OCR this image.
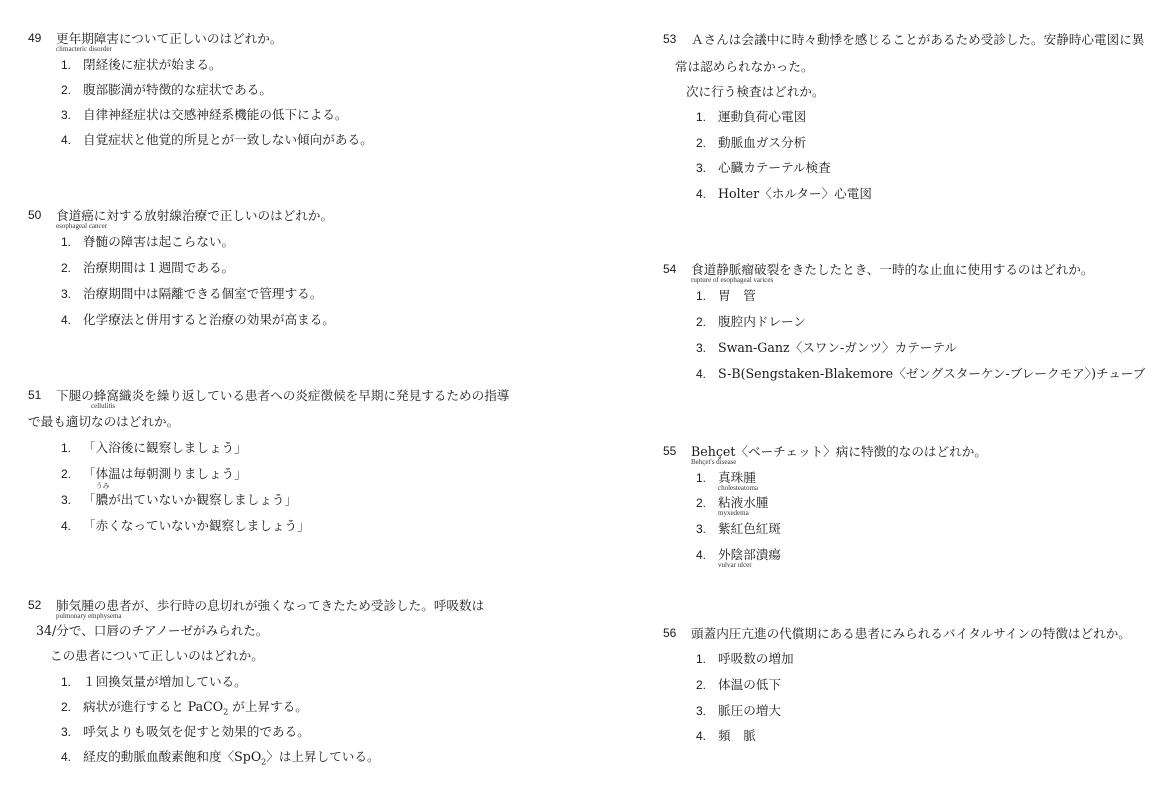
49 更年期障害について正しいのはどれか。
climacteric disorder
1. 閉経後に症状が始まる。
2. 腹部膨満が特徴的な症状である。
3. 自律神経症状は交感神経系機能の低下による。
4. 自覚症状と他覚的所見とが一致しない傾向がある。
50 食道癌に対する放射線治療で正しいのはどれか。
esophageal cancer
1. 脊髄の障害は起こらない。
2. 治療期間は１週間である。
3. 治療期間中は隔離できる個室で管理する。
4. 化学療法と併用すると治療の効果が高まる。
51 下腿の蜂窩織炎を繰り返している患者への炎症徴候を早期に発見するための指導
cellulitis
で最も適切なのはどれか。
1. 「入浴後に観察しましょう」
2. 「体温は毎朝測りましょう」
3. 「膿
うみ
が出ていないか観察しましょう」
4. 「赤くなっていないか観察しましょう」
52 肺気腫の患者が、歩行時の息切れが強くなってきたため受診した。呼吸数は
pulmonary emphysema
34/分で、口唇のチアノーゼがみられた。
この患者について正しいのはどれか。
1. １回換気量が増加している。
2. 病状が進行すると PaCO$_2$ が上昇する。
3. 呼気よりも吸気を促すと効果的である。
4. 経皮的動脈血酸素飽和度〈SpO$_2$〉は上昇している。
53 Ａさんは会議中に時々動悸を感じることがあるため受診した。安静時心電図に異
常は認められなかった。
次に行う検査はどれか。
1. 運動負荷心電図
2. 動脈血ガス分析
3. 心臓カテーテル検査
4. Holter〈ホルター〉心電図
54 食道静脈瘤破裂をきたしたとき、一時的な止血に使用するのはどれか。
rupture of esophageal varices
1. 胃　管
2. 腹腔内ドレーン
3. Swan-Ganz〈スワン-ガンツ〉カテーテル
4. S-B(Sengstaken-Blakemore〈ゼングスターケン-ブレークモア〉)チューブ
55 Behçet〈ベーチェット〉病に特徴的なのはどれか。
Behçet's disease
1. 真珠腫
cholesteatoma
2. 粘液水腫
myxedema
3. 紫紅色紅斑
4. 外陰部潰瘍
vulvar ulcer
56 頭蓋内圧亢進の代償期にある患者にみられるバイタルサインの特徴はどれか。
1. 呼吸数の増加
2. 体温の低下
3. 脈圧の増大
4. 頻　脈
